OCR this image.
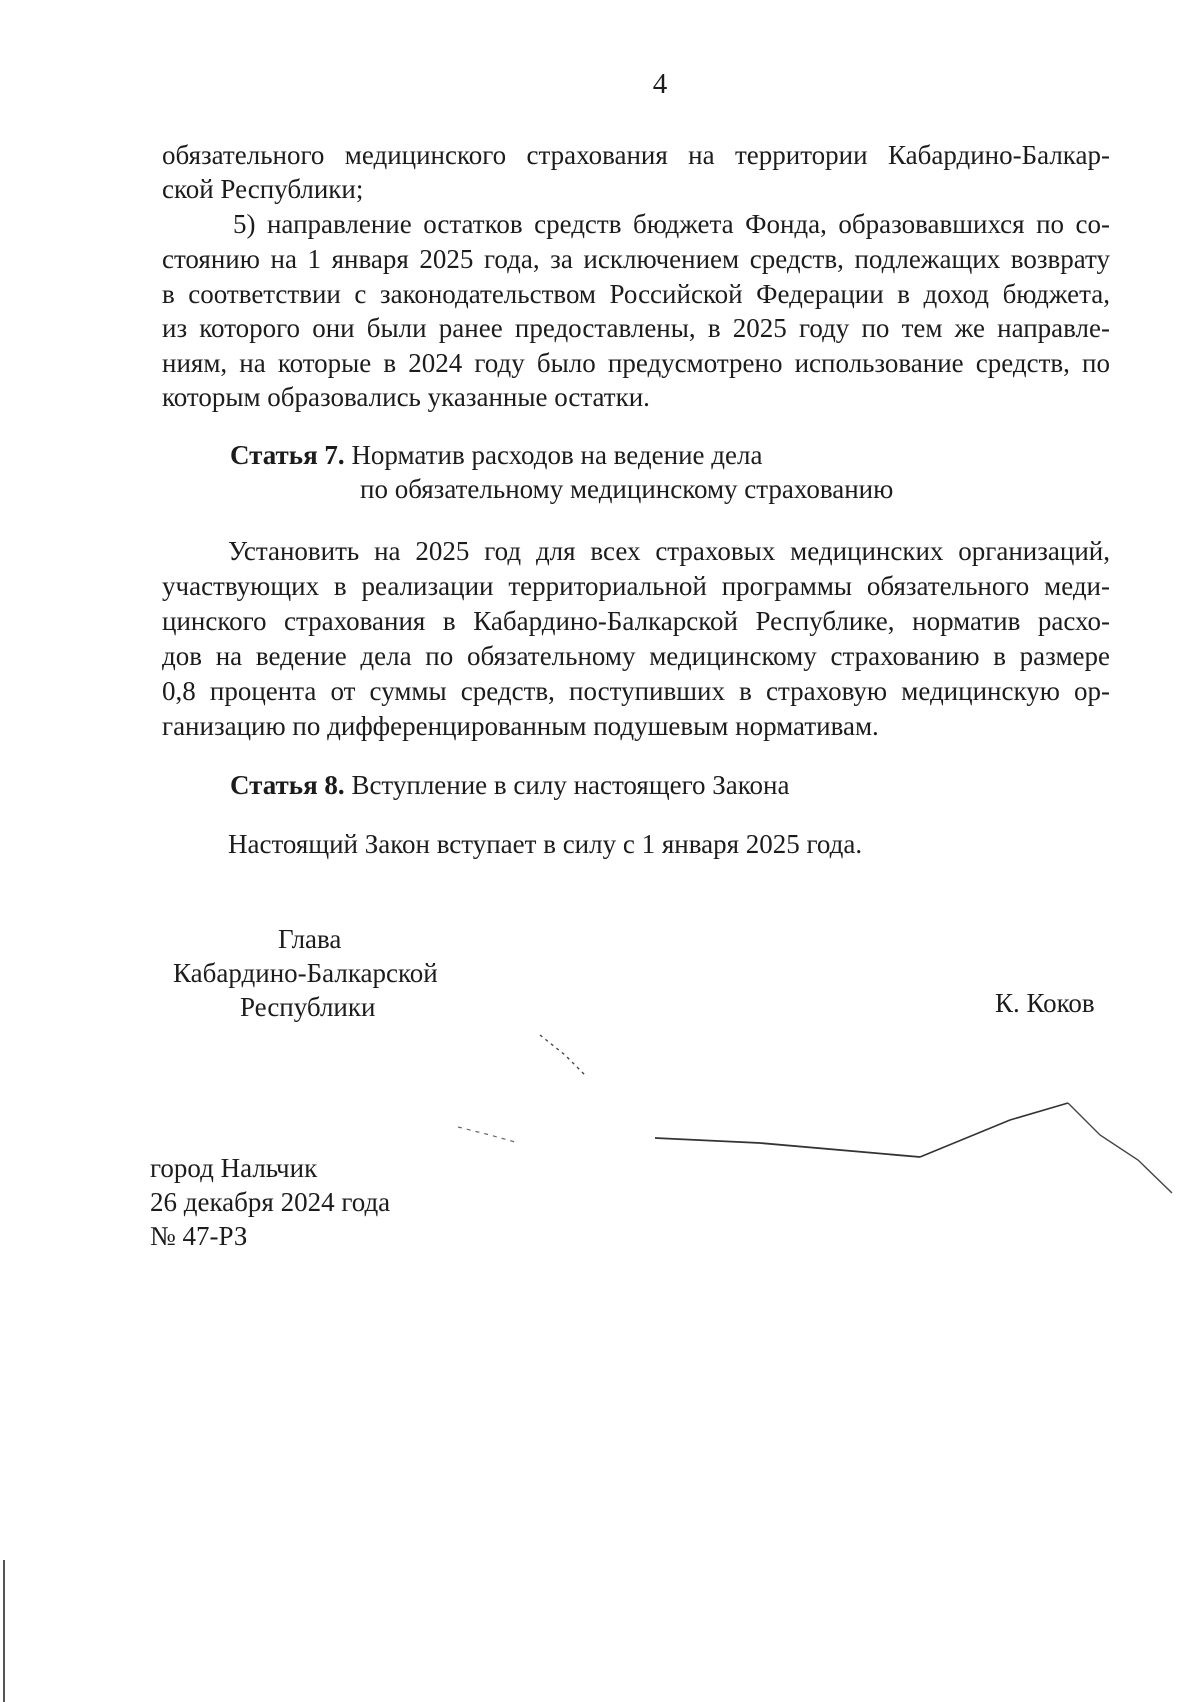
4
обязательного медицинского страхования на территории Кабардино-Балкар-
ской Республики;
5) направление остатков средств бюджета Фонда, образовавшихся по со-
стоянию на 1 января 2025 года, за исключением средств, подлежащих возврату
в соответствии с законодательством Российской Федерации в доход бюджета,
из которого они были ранее предоставлены, в 2025 году по тем же направле-
ниям, на которые в 2024 году было предусмотрено использование средств, по
которым образовались указанные остатки.
Статья 7. Норматив расходов на ведение дела
по обязательному медицинскому страхованию
Установить на 2025 год для всех страховых медицинских организаций,
участвующих в реализации территориальной программы обязательного меди-
цинского страхования в Кабардино-Балкарской Республике, норматив расхо-
дов на ведение дела по обязательному медицинскому страхованию в размере
0,8 процента от суммы средств, поступивших в страховую медицинскую ор-
ганизацию по дифференцированным подушевым нормативам.
Статья 8. Вступление в силу настоящего Закона
Настоящий Закон вступает в силу с 1 января 2025 года.
Глава
Кабардино-Балкарской
Республики	К. Коков
город Нальчик
26 декабря 2024 года
№ 47-РЗ
